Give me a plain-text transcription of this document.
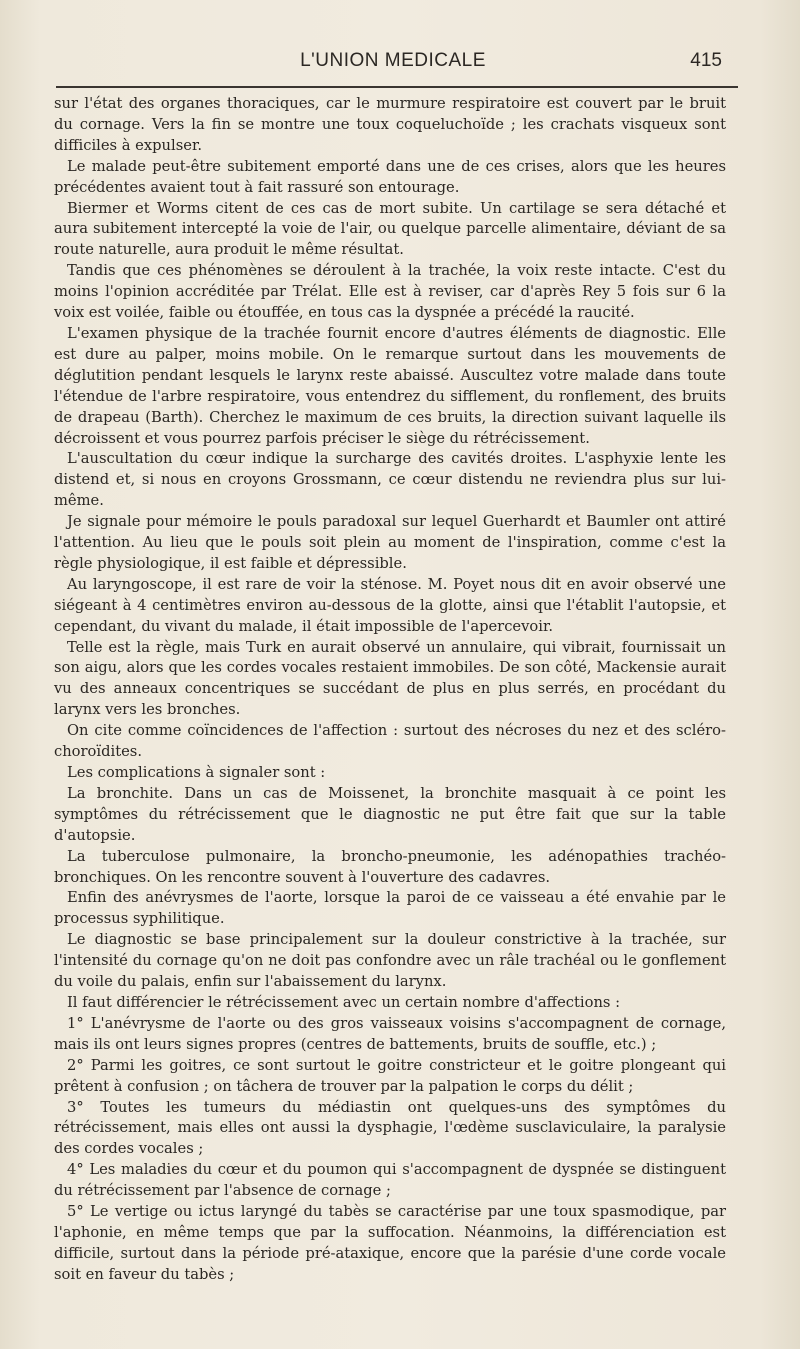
L'UNION MEDICALE	415

sur l'état des organes thoraciques, car le murmure respiratoire est couvert par le bruit du cornage. Vers la fin se montre une toux coqueluchoïde ; les crachats visqueux sont difficiles à expulser.

Le malade peut-être subitement emporté dans une de ces crises, alors que les heures précédentes avaient tout à fait rassuré son entourage.

Biermer et Worms citent de ces cas de mort subite. Un cartilage se sera détaché et aura subitement intercepté la voie de l'air, ou quelque parcelle alimentaire, déviant de sa route naturelle, aura produit le même résultat.

Tandis que ces phénomènes se déroulent à la trachée, la voix reste intacte. C'est du moins l'opinion accréditée par Trélat. Elle est à reviser, car d'après Rey 5 fois sur 6 la voix est voilée, faible ou étouffée, en tous cas la dyspnée a précédé la raucité.

L'examen physique de la trachée fournit encore d'autres éléments de diagnostic. Elle est dure au palper, moins mobile. On le remarque surtout dans les mouvements de déglutition pendant lesquels le larynx reste abaissé. Auscultez votre malade dans toute l'étendue de l'arbre respiratoire, vous entendrez du sifflement, du ronflement, des bruits de drapeau (Barth). Cherchez le maximum de ces bruits, la direction suivant laquelle ils décroissent et vous pourrez parfois préciser le siège du rétrécissement.

L'auscultation du cœur indique la surcharge des cavités droites. L'asphyxie lente les distend et, si nous en croyons Grossmann, ce cœur distendu ne reviendra plus sur lui-même.

Je signale pour mémoire le pouls paradoxal sur lequel Guerhardt et Baumler ont attiré l'attention. Au lieu que le pouls soit plein au moment de l'inspiration, comme c'est la règle physiologique, il est faible et dépressible.

Au laryngoscope, il est rare de voir la sténose. M. Poyet nous dit en avoir observé une siégeant à 4 centimètres environ au-dessous de la glotte, ainsi que l'établit l'autopsie, et cependant, du vivant du malade, il était impossible de l'apercevoir.

Telle est la règle, mais Turk en aurait observé un annulaire, qui vibrait, fournissait un son aigu, alors que les cordes vocales restaient immobiles. De son côté, Mackensie aurait vu des anneaux concentriques se succédant de plus en plus serrés, en procédant du larynx vers les bronches.

On cite comme coïncidences de l'affection : surtout des nécroses du nez et des scléro-choroïdites.

Les complications à signaler sont :

La bronchite. Dans un cas de Moissenet, la bronchite masquait à ce point les symptômes du rétrécissement que le diagnostic ne put être fait que sur la table d'autopsie.

La tuberculose pulmonaire, la broncho-pneumonie, les adénopathies trachéo-bronchiques. On les rencontre souvent à l'ouverture des cadavres.

Enfin des anévrysmes de l'aorte, lorsque la paroi de ce vaisseau a été envahie par le processus syphilitique.

Le diagnostic se base principalement sur la douleur constrictive à la trachée, sur l'intensité du cornage qu'on ne doit pas confondre avec un râle trachéal ou le gonflement du voile du palais, enfin sur l'abaissement du larynx.

Il faut différencier le rétrécissement avec un certain nombre d'affections :

1° L'anévrysme de l'aorte ou des gros vaisseaux voisins s'accompagnent de cornage, mais ils ont leurs signes propres (centres de battements, bruits de souffle, etc.) ;

2° Parmi les goitres, ce sont surtout le goitre constricteur et le goitre plongeant qui prêtent à confusion ; on tâchera de trouver par la palpation le corps du délit ;

3° Toutes les tumeurs du médiastin ont quelques-uns des symptômes du rétrécissement, mais elles ont aussi la dysphagie, l'œdème susclaviculaire, la paralysie des cordes vocales ;

4° Les maladies du cœur et du poumon qui s'accompagnent de dyspnée se distinguent du rétrécissement par l'absence de cornage ;

5° Le vertige ou ictus laryngé du tabès se caractérise par une toux spasmodique, par l'aphonie, en même temps que par la suffocation. Néanmoins, la différenciation est difficile, surtout dans la période pré-ataxique, encore que la parésie d'une corde vocale soit en faveur du tabès ;
